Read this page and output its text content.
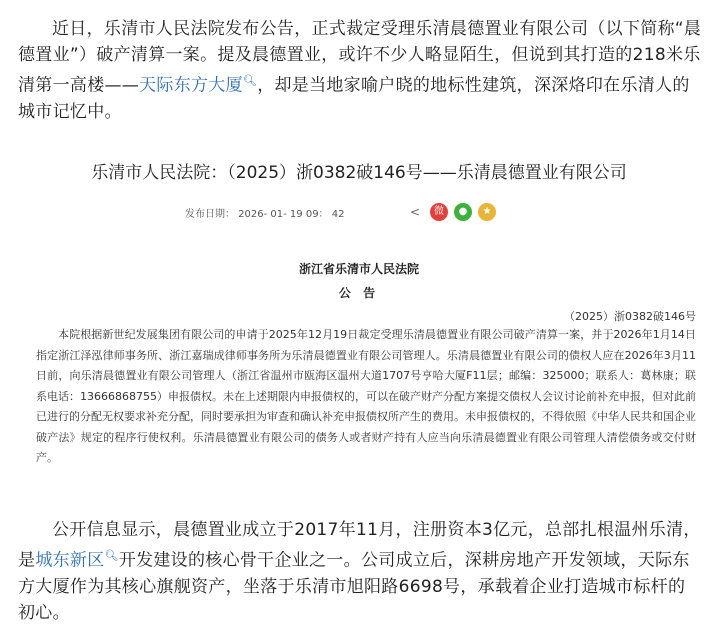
近日，乐清市人民法院发布公告，正式裁定受理乐清晨德置业有限公司（以下简称“晨德置业”）破产清算一案。提及晨德置业，或许不少人略显陌生，但说到其打造的218米乐清第一高楼——天际东方大厦🔍︎，却是当地家喻户晓的地标性建筑，深深烙印在乐清人的城市记忆中。

乐清市人民法院：（2025）浙0382破146号——乐清晨德置业有限公司

发布日期： 2026- 01- 19 09： 42	<	微	●	★

浙江省乐清市人民法院

公 告

（2025）浙0382破146号

本院根据新世纪发展集团有限公司的申请于2025年12月19日裁定受理乐清晨德置业有限公司破产清算一案，并于2026年1月14日指定浙江泽泓律师事务所、浙江嘉瑞成律师事务所为乐清晨德置业有限公司管理人。乐清晨德置业有限公司的债权人应在2026年3月11日前，向乐清晨德置业有限公司管理人（浙江省温州市瓯海区温州大道1707号亨哈大厦F11层；邮编：325000；联系人：葛林康；联系电话：13666868755）申报债权。未在上述期限内申报债权的，可以在破产财产分配方案提交债权人会议讨论前补充申报，但对此前已进行的分配无权要求补充分配，同时要承担为审查和确认补充申报债权所产生的费用。未申报债权的，不得依照《中华人民共和国企业破产法》规定的程序行使权利。乐清晨德置业有限公司的债务人或者财产持有人应当向乐清晨德置业有限公司管理人清偿债务或交付财产。

公开信息显示，晨德置业成立于2017年11月，注册资本3亿元，总部扎根温州乐清，是城东新区🔍︎开发建设的核心骨干企业之一。公司成立后，深耕房地产开发领域，天际东方大厦作为其核心旗舰资产，坐落于乐清市旭阳路6698号，承载着企业打造城市标杆的初心。
